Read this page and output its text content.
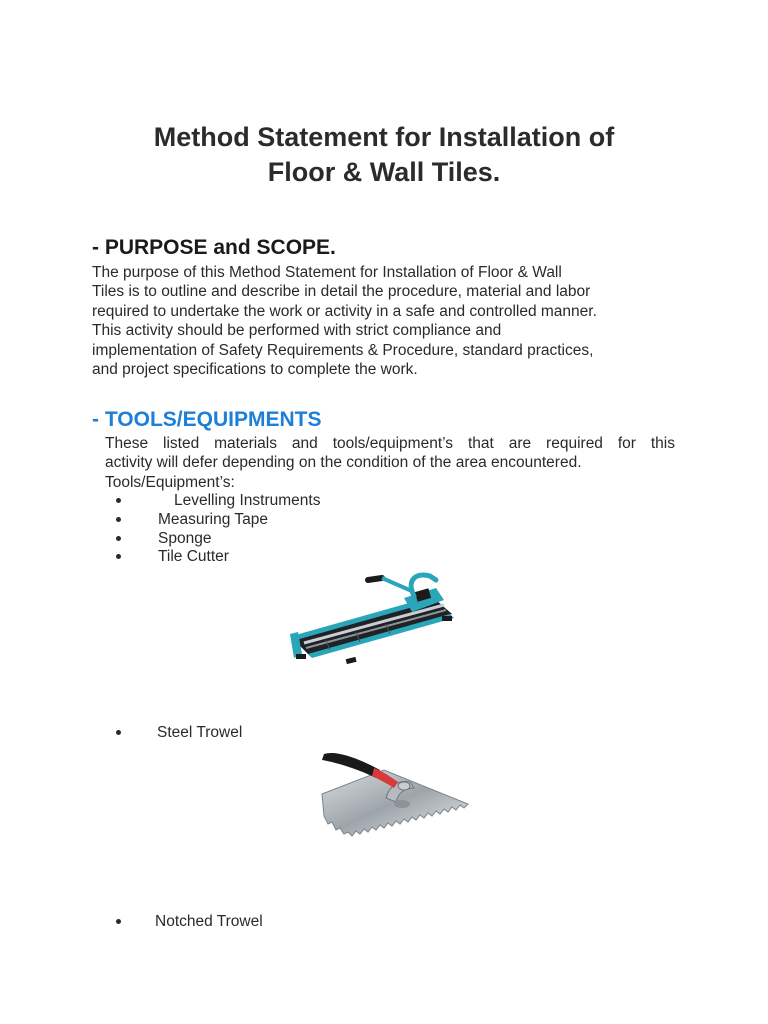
Method Statement for Installation of
Floor & Wall Tiles.
- PURPOSE and SCOPE.
The purpose of this Method Statement for Installation of Floor & Wall
Tiles is to outline and describe in detail the procedure, material and labor
required to undertake the work or activity in a safe and controlled manner.
This activity should be performed with strict compliance and
implementation of Safety Requirements & Procedure, standard practices,
and project specifications to complete the work.
- TOOLS/EQUIPMENTS
These listed materials and tools/equipment’s that are required for this
activity will defer depending on the condition of the area encountered.
Tools/Equipment’s:
Levelling Instruments
Measuring Tape
Sponge
Tile Cutter
Steel Trowel
Notched Trowel
